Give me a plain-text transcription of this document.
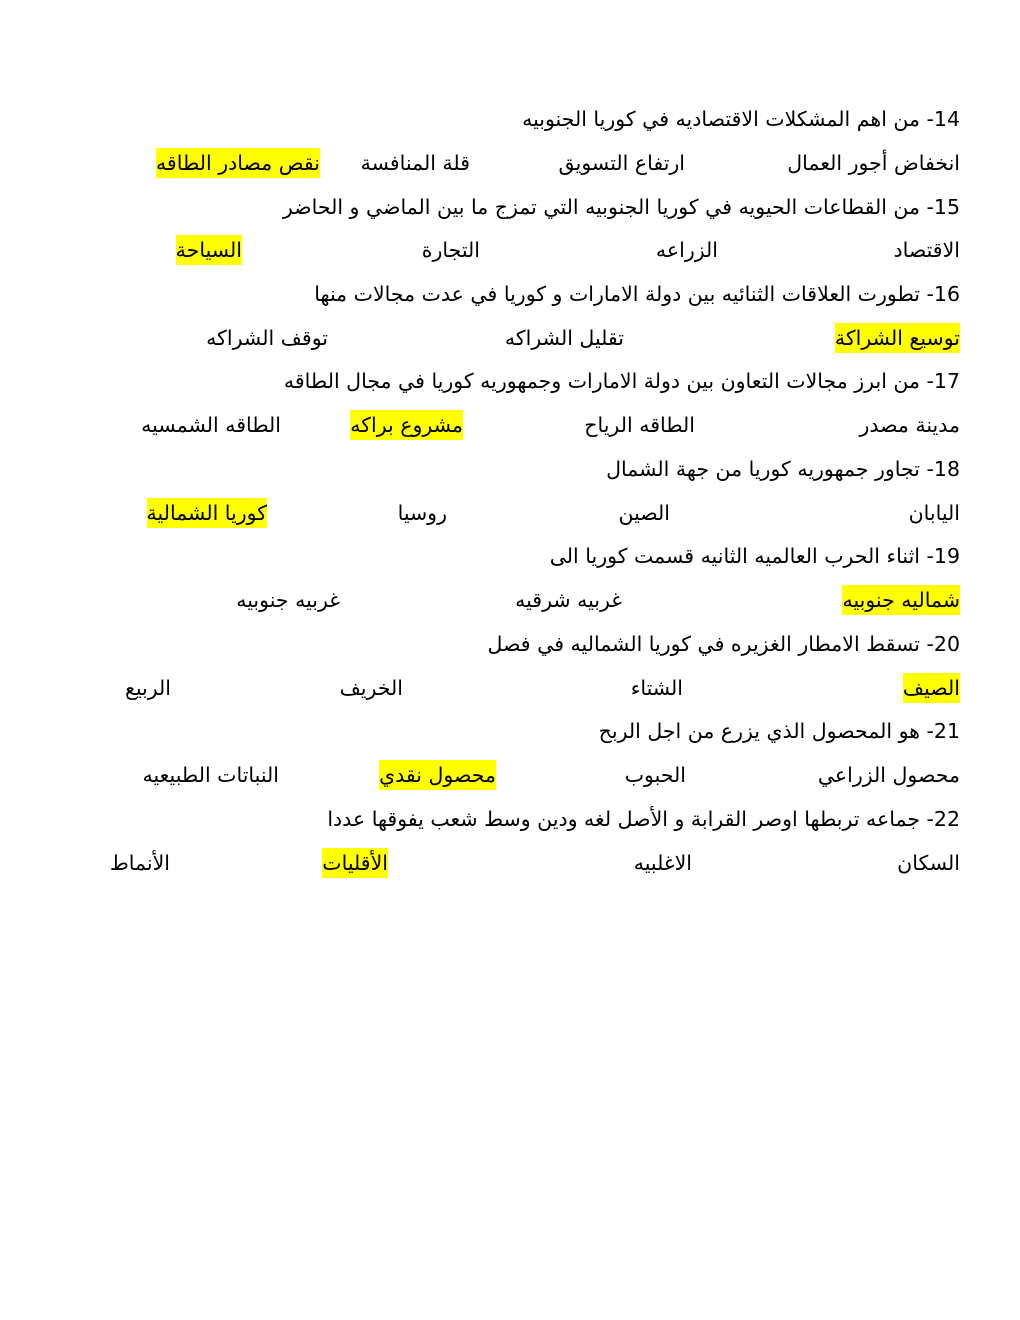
14- من اهم المشكلات الاقتصاديه في كوريا الجنوبيه
انخفاض أجور العمال
ارتفاع التسويق
قلة المنافسة
نقص مصادر الطاقه
15- من القطاعات الحيويه في كوريا الجنوبيه التي تمزج ما بين الماضي و الحاضر
الاقتصاد
الزراعه
التجارة
السياحة
16- تطورت العلاقات الثنائيه بين دولة الامارات و كوريا في عدت مجالات منها
توسيع الشراكة
تقليل الشراكه
توقف الشراكه
17- من ابرز مجالات التعاون بين دولة الامارات وجمهوريه كوريا في مجال الطاقه
مدينة مصدر
الطاقه الرياح
مشروع براكه
الطاقه الشمسيه
18- تجاور جمهوريه كوريا من جهة الشمال
اليابان
الصين
روسيا
كوريا الشمالية
19- اثناء الحرب العالميه الثانيه قسمت كوريا الى
شماليه جنوبيه
غربيه شرقيه
غربيه جنوبيه
20- تسقط الامطار الغزيره في كوريا الشماليه في فصل
الصيف
الشتاء
الخريف
الربيع
21- هو المحصول الذي يزرع من اجل الربح
محصول الزراعي
الحبوب
محصول نقدي
النباتات الطبيعيه
22- جماعه تربطها اوصر القرابة و الأصل لغه ودين وسط شعب يفوقها عددا
السكان
الاغلبيه
الأقليات
الأنماط
